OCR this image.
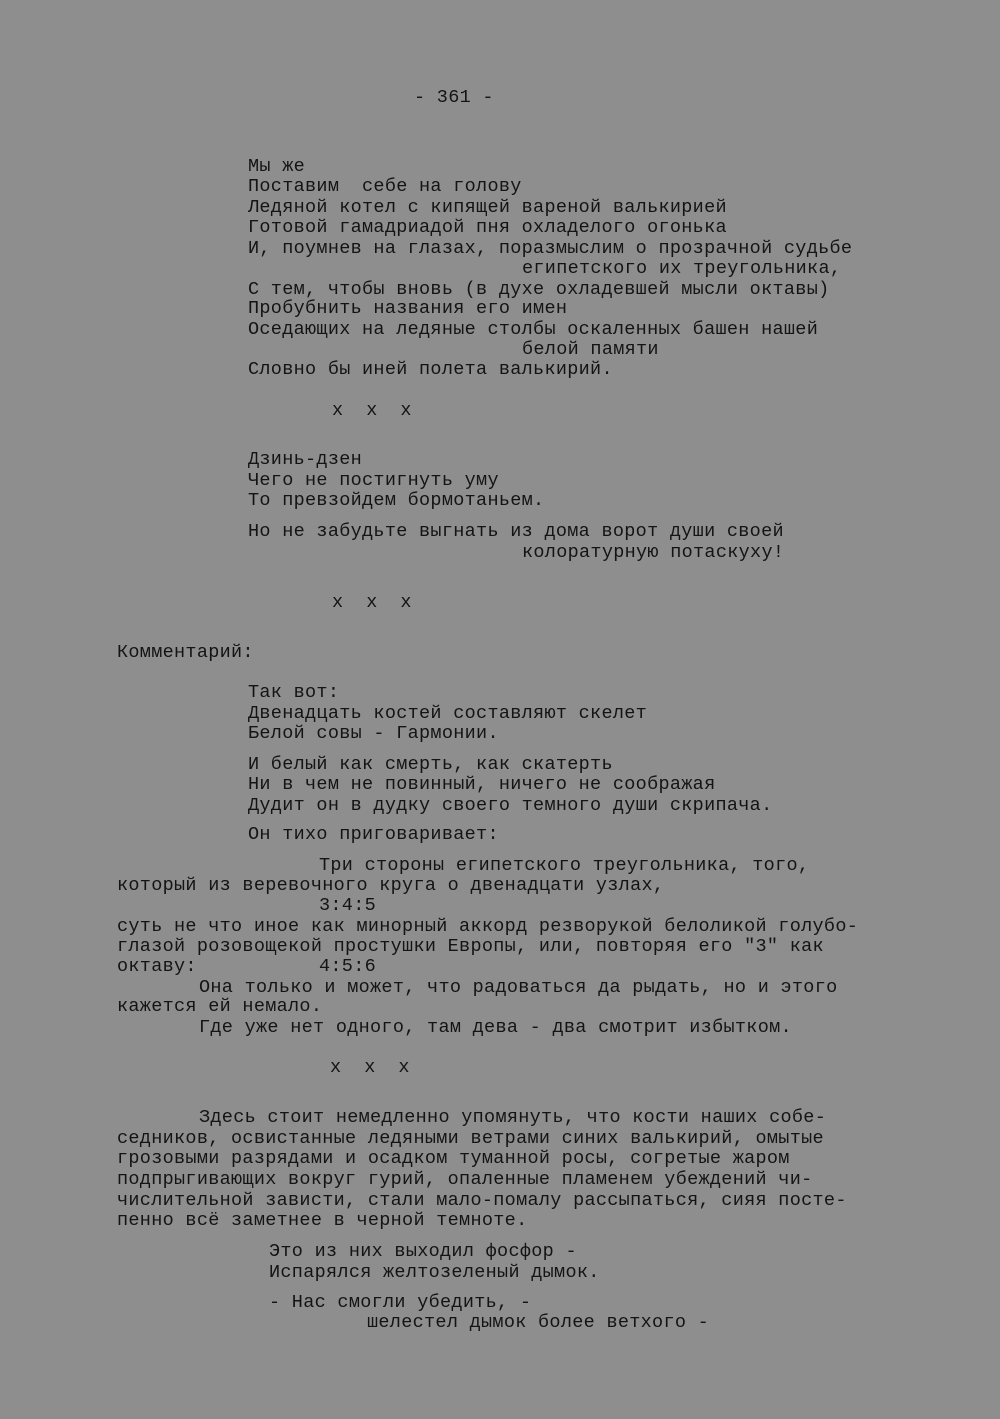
- 361 -
Мы же
Поставим  себе на голову
Ледяной котел с кипящей вареной валькирией
Готовой гамадриадой пня охладелого огонька
И, поумнев на глазах, поразмыслим о прозрачной судьбе
египетского их треугольника,
С тем, чтобы вновь (в духе охладевшей мысли октавы)
Пробубнить названия его имен
Оседающих на ледяные столбы оскаленных башен нашей
белой памяти
Словно бы иней полета валькирий.
x  x  x
Дзинь-дзен
Чего не постигнуть уму
То превзойдем бормотаньем.
Но не забудьте выгнать из дома ворот души своей
колоратурную потаскуху!
x  x  x
Комментарий:
Так вот:
Двенадцать костей составляют скелет
Белой совы - Гармонии.
И белый как смерть, как скатерть
Ни в чем не повинный, ничего не соображая
Дудит он в дудку своего темного души скрипача.
Он тихо приговаривает:
Три стороны египетского треугольника, того,
который из веревочного круга о двенадцати узлах,
3:4:5
суть не что иное как минорный аккорд резворукой белоликой голубо-
глазой розовощекой простушки Европы, или, повторяя его "3" как
октаву:	4:5:6
Она только и может, что радоваться да рыдать, но и этого
кажется ей немало.
Где уже нет одного, там дева - два смотрит избытком.
x  x  x
Здесь стоит немедленно упомянуть, что кости наших собе-
седников, освистанные ледяными ветрами синих валькирий, омытые
грозовыми разрядами и осадком туманной росы, согретые жаром
подпрыгивающих вокруг гурий, опаленные пламенем убеждений чи-
числительной зависти, стали мало-помалу рассыпаться, сияя посте-
пенно всё заметнее в черной темноте.
Это из них выходил фосфор -
Испарялся желтозеленый дымок.
- Нас смогли убедить, -
шелестел дымок более ветхого -
